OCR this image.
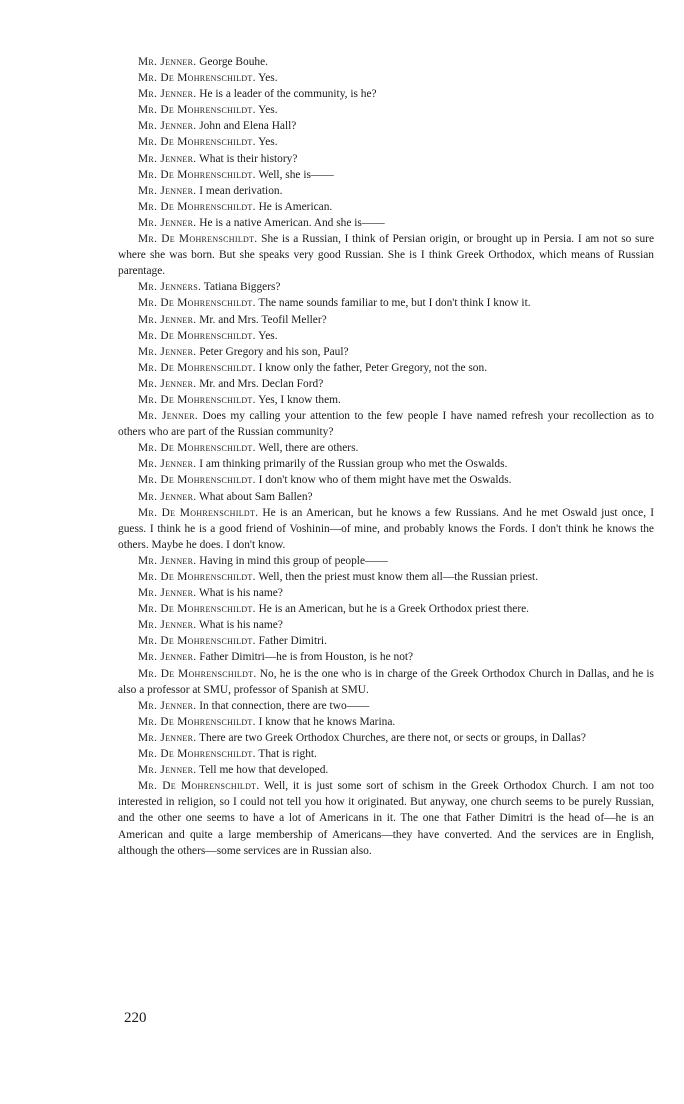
Mr. Jenner. George Bouhe.

Mr. De Mohrenschildt. Yes.

Mr. Jenner. He is a leader of the community, is he?

Mr. De Mohrenschildt. Yes.

Mr. Jenner. John and Elena Hall?

Mr. De Mohrenschildt. Yes.

Mr. Jenner. What is their history?

Mr. De Mohrenschildt. Well, she is——

Mr. Jenner. I mean derivation.

Mr. De Mohrenschildt. He is American.

Mr. Jenner. He is a native American. And she is——

Mr. De Mohrenschildt. She is a Russian, I think of Persian origin, or brought up in Persia. I am not so sure where she was born. But she speaks very good Russian. She is I think Greek Orthodox, which means of Russian parentage.

Mr. Jenners. Tatiana Biggers?

Mr. De Mohrenschildt. The name sounds familiar to me, but I don't think I know it.

Mr. Jenner. Mr. and Mrs. Teofil Meller?

Mr. De Mohrenschildt. Yes.

Mr. Jenner. Peter Gregory and his son, Paul?

Mr. De Mohrenschildt. I know only the father, Peter Gregory, not the son.

Mr. Jenner. Mr. and Mrs. Declan Ford?

Mr. De Mohrenschildt. Yes, I know them.

Mr. Jenner. Does my calling your attention to the few people I have named refresh your recollection as to others who are part of the Russian community?

Mr. De Mohrenschildt. Well, there are others.

Mr. Jenner. I am thinking primarily of the Russian group who met the Oswalds.

Mr. De Mohrenschildt. I don't know who of them might have met the Oswalds.

Mr. Jenner. What about Sam Ballen?

Mr. De Mohrenschildt. He is an American, but he knows a few Russians. And he met Oswald just once, I guess. I think he is a good friend of Voshinin—of mine, and probably knows the Fords. I don't think he knows the others. Maybe he does. I don't know.

Mr. Jenner. Having in mind this group of people——

Mr. De Mohrenschildt. Well, then the priest must know them all—the Russian priest.

Mr. Jenner. What is his name?

Mr. De Mohrenschildt. He is an American, but he is a Greek Orthodox priest there.

Mr. Jenner. What is his name?

Mr. De Mohrenschildt. Father Dimitri.

Mr. Jenner. Father Dimitri—he is from Houston, is he not?

Mr. De Mohrenschildt. No, he is the one who is in charge of the Greek Orthodox Church in Dallas, and he is also a professor at SMU, professor of Spanish at SMU.

Mr. Jenner. In that connection, there are two——

Mr. De Mohrenschildt. I know that he knows Marina.

Mr. Jenner. There are two Greek Orthodox Churches, are there not, or sects or groups, in Dallas?

Mr. De Mohrenschildt. That is right.

Mr. Jenner. Tell me how that developed.

Mr. De Mohrenschildt. Well, it is just some sort of schism in the Greek Orthodox Church. I am not too interested in religion, so I could not tell you how it originated. But anyway, one church seems to be purely Russian, and the other one seems to have a lot of Americans in it. The one that Father Dimitri is the head of—he is an American and quite a large membership of Americans—they have converted. And the services are in English, although the others—some services are in Russian also.

220
